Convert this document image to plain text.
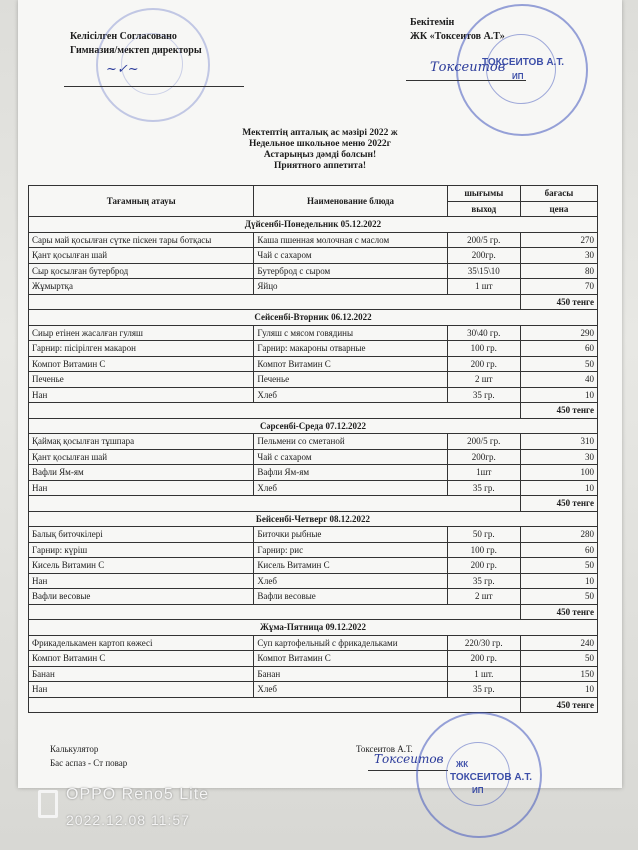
Келісілген Согласовано
Гимназия/мектеп директоры
~✓~
Бекітемін
ЖК «Токсеитов А.Т»
ТОКСЕИТОВ А.Т.
ИП
Токсеитов
Мектептің апталық ас мәзірі 2022 ж
Недельное школьное меню 2022г
Астарыңыз дәмді болсын!
Приятного аппетита!
Тағамның атауы	Наименование блюда	шығымы	бағасы
		выход	цена
Дүйсенбі-Понедельник 05.12.2022			
Сары май қосылған сүтке піскен тары ботқасы	Каша пшенная молочная с маслом	200/5 гр.	270
Қант қосылған шай	Чай с сахаром	200гр.	30
Сыр қосылған бутерброд	Бутерброд с сыром	35\15\10	80
Жұмыртқа	Яйцо	1 шт	70
			450 тенге
Сейсенбі-Вторник 06.12.2022			
Сиыр етінен жасалған гуляш	Гуляш с мясом говядины	30\40 гр.	290
Гарнир: пісірілген макарон	Гарнир: макароны отварные	100 гр.	60
Компот Витамин С	Компот Витамин С	200 гр.	50
Печенье	Печенье	2 шт	40
Нан	Хлеб	35 гр.	10
			450 тенге
Сәрсенбі-Среда 07.12.2022			
Қаймақ қосылған тұшпара	Пельмени со сметаной	200/5 гр.	310
Қант қосылған шай	Чай с сахаром	200гр.	30
Вафли Ям-ям	Вафли Ям-ям	1шт	100
Нан	Хлеб	35 гр.	10
			450 тенге
Бейсенбі-Четверг 08.12.2022			
Балық биточкілері	Биточки рыбные	50 гр.	280
Гарнир: күріш	Гарнир: рис	100 гр.	60
Кисель Витамин С	Кисель Витамин С	200 гр.	50
Нан	Хлеб	35 гр.	10
Вафли весовые	Вафли весовые	2 шт	50
			450 тенге
Жұма-Пятница 09.12.2022			
Фрикаделькамен картоп көжесі	Суп картофельный с фрикадельками	220/30 гр.	240
Компот Витамин С	Компот Витамин С	200 гр.	50
Банан	Банан	1 шт.	150
Нан	Хлеб	35 гр.	10
			450 тенге
Калькулятор
Бас аспаз - Ст повар
Токсеитов А.Т.
Токсеитов ЖК
ТОКСЕИТОВ А.Т.
ИП
OPPO Reno5 Lite
2022.12.08 11:57
